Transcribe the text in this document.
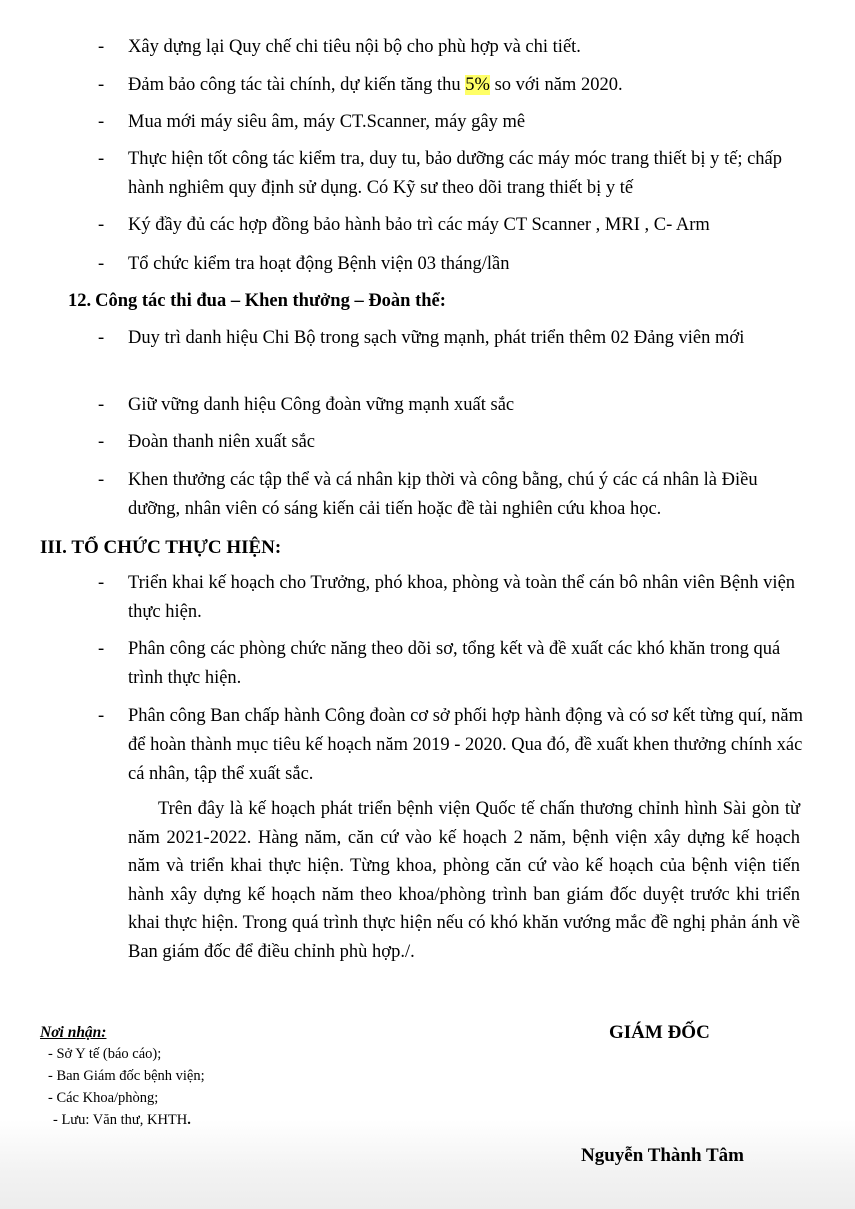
- Xây dựng lại Quy chế chi tiêu nội bộ cho phù hợp và chi tiết.
- Đảm bảo công tác tài chính, dự kiến tăng thu 5% so với năm 2020.
- Mua mới máy siêu âm, máy CT.Scanner, máy gây mê
- Thực hiện tốt công tác kiểm tra, duy tu, bảo dưỡng các máy móc trang thiết bị y tế; chấp hành nghiêm quy định sử dụng. Có Kỹ sư theo dõi trang thiết bị y tế
- Ký đầy đủ các hợp đồng bảo hành bảo trì các máy CT Scanner , MRI , C- Arm
- Tổ chức kiểm tra hoạt động Bệnh viện 03 tháng/lần
12. Công tác thi đua – Khen thưởng – Đoàn thể:
- Duy trì danh hiệu Chi Bộ trong sạch vững mạnh, phát triển thêm 02 Đảng viên mới
- Giữ vững danh hiệu Công đoàn vững mạnh xuất sắc
- Đoàn thanh niên xuất sắc
- Khen thưởng các tập thể và cá nhân kịp thời và công bằng, chú ý các cá nhân là Điều dưỡng, nhân viên có sáng kiến cải tiến hoặc đề tài nghiên cứu khoa học.
III. TỔ CHỨC THỰC HIỆN:
- Triển khai kế hoạch cho Trưởng, phó khoa, phòng và toàn thể cán bô nhân viên Bệnh viện thực hiện.
- Phân công các phòng chức năng theo dõi sơ, tổng kết và đề xuất các khó khăn trong quá trình thực hiện.
- Phân công Ban chấp hành Công đoàn cơ sở phối hợp hành động và có sơ kết từng quí, năm để hoàn thành mục tiêu kế hoạch năm 2019 - 2020. Qua đó, đề xuất khen thưởng chính xác cá nhân, tập thể xuất sắc.
Trên đây là kế hoạch phát triển bệnh viện Quốc tế chấn thương chỉnh hình Sài gòn từ năm 2021-2022. Hàng năm, căn cứ vào kế hoạch 2 năm, bệnh viện xây dựng kế hoạch năm và triển khai thực hiện. Từng khoa, phòng căn cứ vào kế hoạch của bệnh viện tiến hành xây dựng kế hoạch năm theo khoa/phòng trình ban giám đốc duyệt trước khi triển khai thực hiện. Trong quá trình thực hiện nếu có khó khăn vướng mắc đề nghị phản ánh về Ban giám đốc để điều chỉnh phù hợp./.
Nơi nhận:
- Sở Y tế (báo cáo);
- Ban Giám đốc bệnh viện;
- Các Khoa/phòng;
- Lưu: Văn thư, KHTH.
GIÁM ĐỐC
Nguyễn Thành Tâm
